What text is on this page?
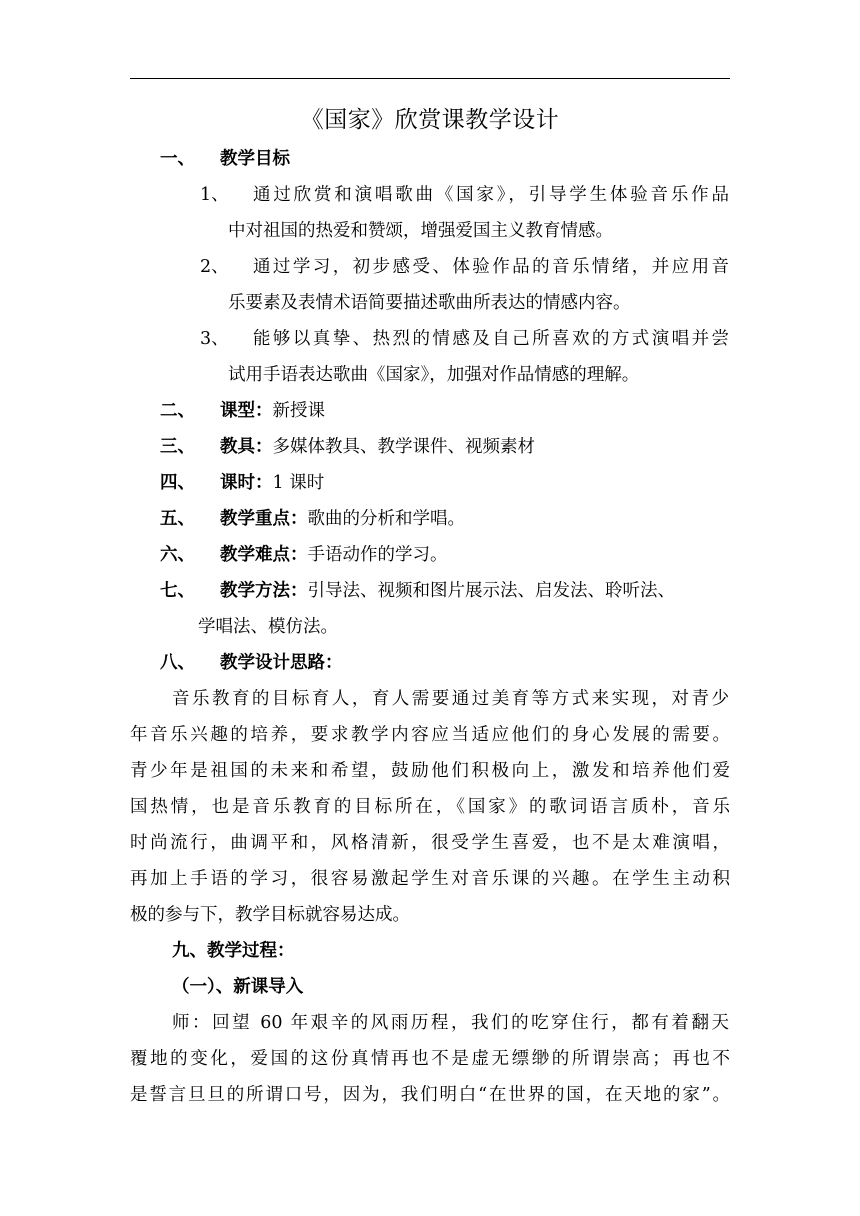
《国家》欣赏课教学设计
一、 教学目标
1、 通过欣赏和演唱歌曲《国家》，引导学生体验音乐作品
中对祖国的热爱和赞颂，增强爱国主义教育情感。
2、 通过学习，初步感受、体验作品的音乐情绪，并应用音
乐要素及表情术语简要描述歌曲所表达的情感内容。
3、 能够以真挚、热烈的情感及自己所喜欢的方式演唱并尝
试用手语表达歌曲《国家》，加强对作品情感的理解。
二、 课型：新授课
三、 教具：多媒体教具、教学课件、视频素材
四、 课时：1 课时
五、 教学重点：歌曲的分析和学唱。
六、 教学难点：手语动作的学习。
七、 教学方法：引导法、视频和图片展示法、启发法、聆听法、
学唱法、模仿法。
八、 教学设计思路：
音乐教育的目标育人，育人需要通过美育等方式来实现，对青少
年音乐兴趣的培养，要求教学内容应当适应他们的身心发展的需要。
青少年是祖国的未来和希望，鼓励他们积极向上，激发和培养他们爱
国热情，也是音乐教育的目标所在，《国家》的歌词语言质朴，音乐
时尚流行，曲调平和，风格清新，很受学生喜爱，也不是太难演唱，
再加上手语的学习，很容易激起学生对音乐课的兴趣。在学生主动积
极的参与下，教学目标就容易达成。
九、教学过程：
（一）、新课导入
师：回望 60 年艰辛的风雨历程，我们的吃穿住行，都有着翻天
覆地的变化，爱国的这份真情再也不是虚无缥缈的所谓崇高；再也不
是誓言旦旦的所谓口号，因为，我们明白“在世界的国，在天地的家”。
